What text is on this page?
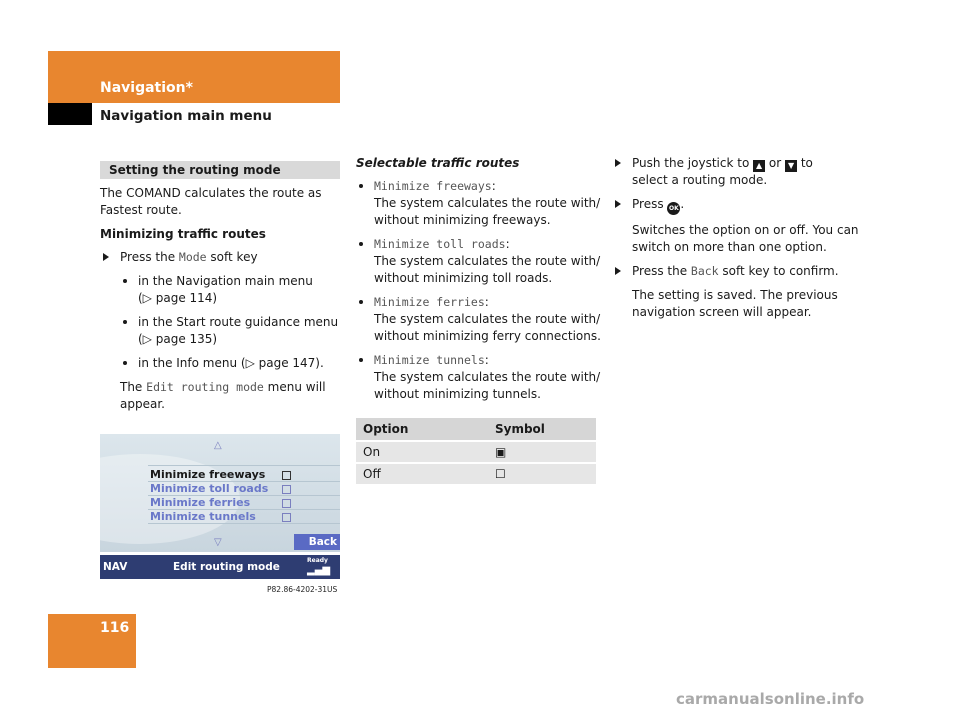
Navigation*
Navigation main menu
Setting the routing mode

The COMAND calculates the route as Fastest route.

Minimizing traffic routes

Press the Mode soft key

in the Navigation main menu
(▷ page 114)

in the Start route guidance menu
(▷ page 135)

in the Info menu (▷ page 147).

The Edit routing mode menu will appear.

△
Minimize freeways
Minimize toll roads
Minimize ferries
Minimize tunnels
▽	Back
NAV	Edit routing mode
Ready
▂▄▆
P82.86-4202-31US

Selectable traffic routes

Minimize freeways:
The system calculates the route with/
without minimizing freeways.

Minimize toll roads:
The system calculates the route with/
without minimizing toll roads.

Minimize ferries:
The system calculates the route with/
without minimizing ferry connections.

Minimize tunnels:
The system calculates the route with/
without minimizing tunnels.

Option	Symbol
On	▣
Off	☐

Push the joystick to ▲ or ▼ to
select a routing mode.

Press OK .

Switches the option on or off. You can switch on more than one option.

Press the Back soft key to confirm.

The setting is saved. The previous navigation screen will appear.

116
carmanualsonline.info
